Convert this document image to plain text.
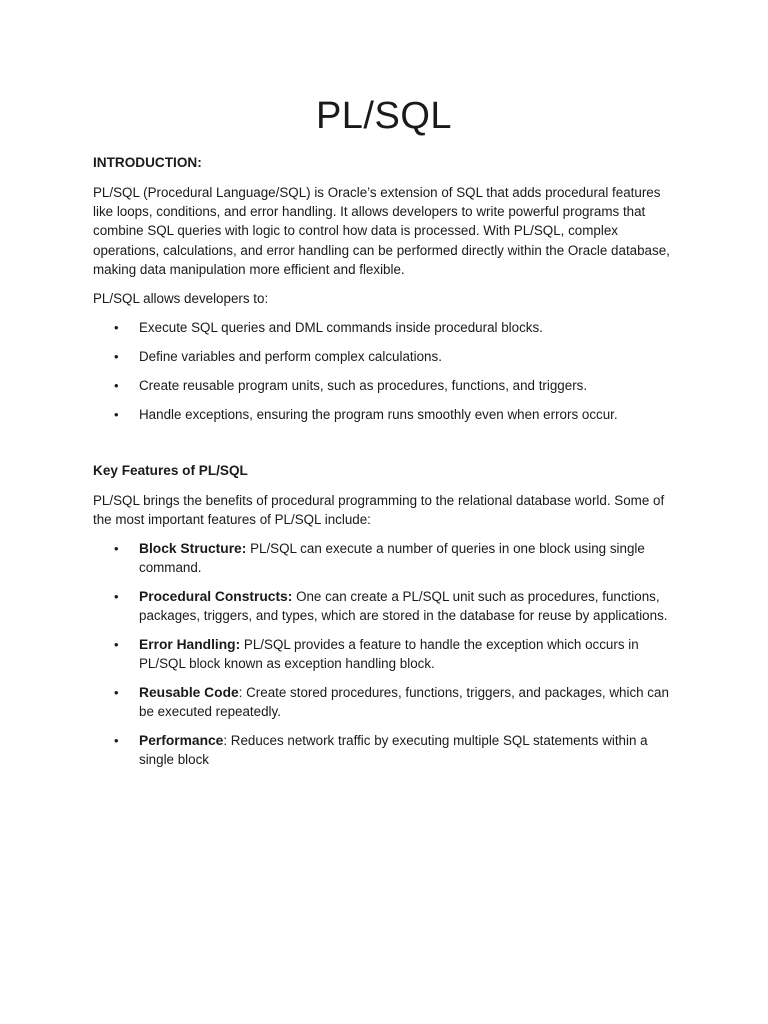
PL/SQL

INTRODUCTION:

PL/SQL (Procedural Language/SQL) is Oracle’s extension of SQL that adds procedural features like loops, conditions, and error handling. It allows developers to write powerful programs that combine SQL queries with logic to control how data is processed. With PL/SQL, complex operations, calculations, and error handling can be performed directly within the Oracle database, making data manipulation more efficient and flexible.

PL/SQL allows developers to:

• Execute SQL queries and DML commands inside procedural blocks.
• Define variables and perform complex calculations.
• Create reusable program units, such as procedures, functions, and triggers.
• Handle exceptions, ensuring the program runs smoothly even when errors occur.

Key Features of PL/SQL

PL/SQL brings the benefits of procedural programming to the relational database world. Some of the most important features of PL/SQL include:

• Block Structure: PL/SQL can execute a number of queries in one block using single command.
• Procedural Constructs: One can create a PL/SQL unit such as procedures, functions, packages, triggers, and types, which are stored in the database for reuse by applications.
• Error Handling: PL/SQL provides a feature to handle the exception which occurs in PL/SQL block known as exception handling block.
• Reusable Code: Create stored procedures, functions, triggers, and packages, which can be executed repeatedly.
• Performance: Reduces network traffic by executing multiple SQL statements within a single block
